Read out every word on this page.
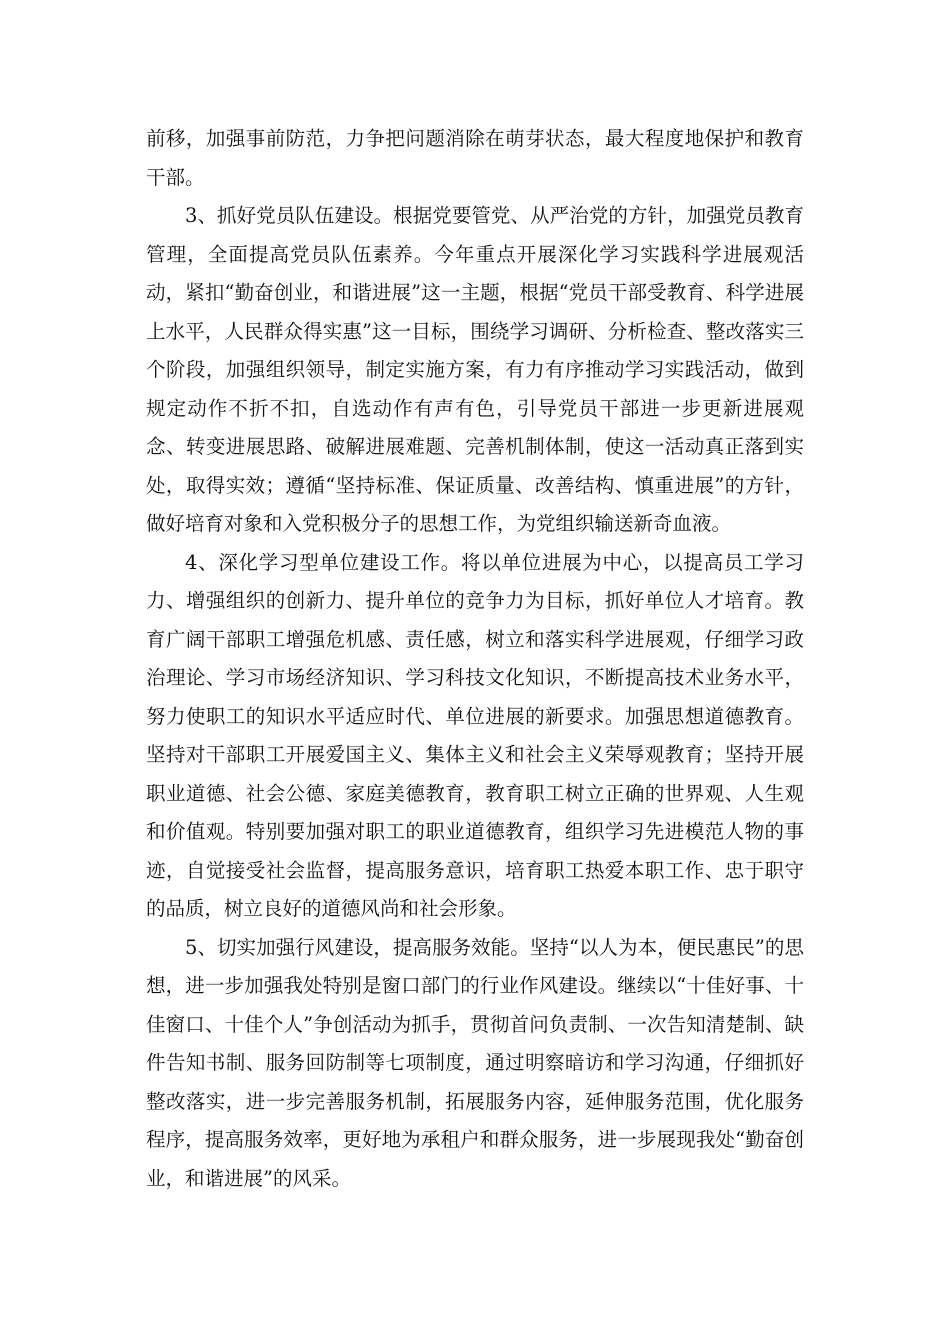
前移，加强事前防范，力争把问题消除在萌芽状态，最大程度地保护和教育干部。

3、抓好党员队伍建设。根据党要管党、从严治党的方针，加强党员教育管理，全面提高党员队伍素养。今年重点开展深化学习实践科学进展观活动，紧扣“勤奋创业，和谐进展”这一主题，根据“党员干部受教育、科学进展上水平，人民群众得实惠”这一目标，围绕学习调研、分析检查、整改落实三个阶段，加强组织领导，制定实施方案，有力有序推动学习实践活动，做到规定动作不折不扣，自选动作有声有色，引导党员干部进一步更新进展观念、转变进展思路、破解进展难题、完善机制体制，使这一活动真正落到实处，取得实效；遵循“坚持标准、保证质量、改善结构、慎重进展”的方针，做好培育对象和入党积极分子的思想工作，为党组织输送新奇血液。

4、深化学习型单位建设工作。将以单位进展为中心，以提高员工学习力、增强组织的创新力、提升单位的竞争力为目标，抓好单位人才培育。教育广阔干部职工增强危机感、责任感，树立和落实科学进展观，仔细学习政治理论、学习市场经济知识、学习科技文化知识，不断提高技术业务水平，努力使职工的知识水平适应时代、单位进展的新要求。加强思想道德教育。坚持对干部职工开展爱国主义、集体主义和社会主义荣辱观教育；坚持开展职业道德、社会公德、家庭美德教育，教育职工树立正确的世界观、人生观和价值观。特别要加强对职工的职业道德教育，组织学习先进模范人物的事迹，自觉接受社会监督，提高服务意识，培育职工热爱本职工作、忠于职守的品质，树立良好的道德风尚和社会形象。

5、切实加强行风建设，提高服务效能。坚持“以人为本，便民惠民”的思想，进一步加强我处特别是窗口部门的行业作风建设。继续以“十佳好事、十佳窗口、十佳个人”争创活动为抓手，贯彻首问负责制、一次告知清楚制、缺件告知书制、服务回防制等七项制度，通过明察暗访和学习沟通，仔细抓好整改落实，进一步完善服务机制，拓展服务内容，延伸服务范围，优化服务程序，提高服务效率，更好地为承租户和群众服务，进一步展现我处“勤奋创业，和谐进展”的风采。
